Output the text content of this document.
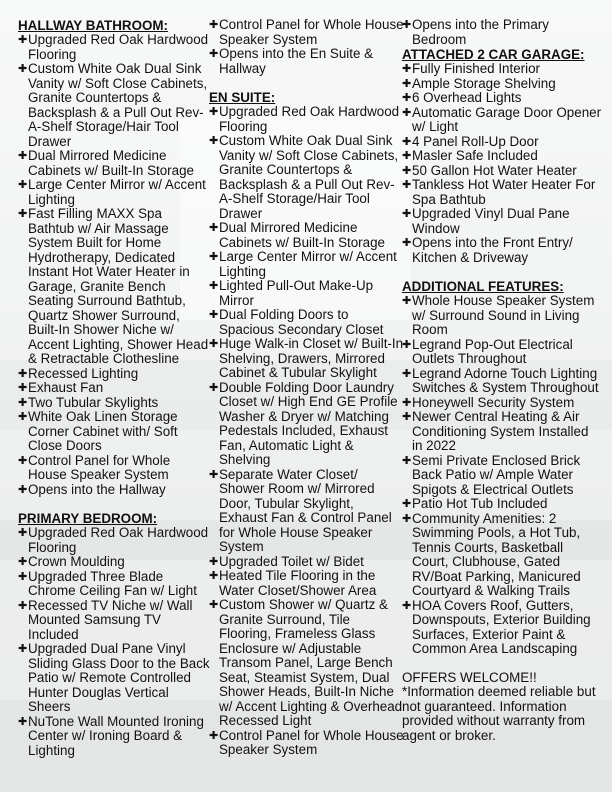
HALLWAY BATHROOM:
✚ Upgraded Red Oak Hardwood Flooring
✚ Custom White Oak Dual Sink Vanity w/ Soft Close Cabinets, Granite Countertops & Backsplash & a Pull Out Rev-A-Shelf Storage/Hair Tool Drawer
✚ Dual Mirrored Medicine Cabinets w/ Built-In Storage
✚ Large Center Mirror w/ Accent Lighting
✚ Fast Filling MAXX Spa Bathtub w/ Air Massage System Built for Home Hydrotherapy, Dedicated Instant Hot Water Heater in Garage, Granite Bench Seating Surround Bathtub, Quartz Shower Surround, Built-In Shower Niche w/ Accent Lighting, Shower Head & Retractable Clothesline
✚ Recessed Lighting
✚ Exhaust Fan
✚ Two Tubular Skylights
✚ White Oak Linen Storage Corner Cabinet with/ Soft Close Doors
✚ Control Panel for Whole House Speaker System
✚ Opens into the Hallway
PRIMARY BEDROOM:
✚ Upgraded Red Oak Hardwood Flooring
✚ Crown Moulding
✚ Upgraded Three Blade Chrome Ceiling Fan w/ Light
✚ Recessed TV Niche w/ Wall Mounted Samsung TV Included
✚ Upgraded Dual Pane Vinyl Sliding Glass Door to the Back Patio w/ Remote Controlled Hunter Douglas Vertical Sheers
✚ NuTone Wall Mounted Ironing Center w/ Ironing Board & Lighting
✚ Control Panel for Whole House Speaker System
✚ Opens into the En Suite & Hallway
EN SUITE:
✚ Upgraded Red Oak Hardwood Flooring
✚ Custom White Oak Dual Sink Vanity w/ Soft Close Cabinets, Granite Countertops & Backsplash & a Pull Out Rev-A-Shelf Storage/Hair Tool Drawer
✚ Dual Mirrored Medicine Cabinets w/ Built-In Storage
✚ Large Center Mirror w/ Accent Lighting
✚ Lighted Pull-Out Make-Up Mirror
✚ Dual Folding Doors to Spacious Secondary Closet
✚ Huge Walk-in Closet w/ Built-In Shelving, Drawers, Mirrored Cabinet & Tubular Skylight
✚ Double Folding Door Laundry Closet w/ High End GE Profile Washer & Dryer w/ Matching Pedestals Included, Exhaust Fan, Automatic Light & Shelving
✚ Separate Water Closet/ Shower Room w/ Mirrored Door, Tubular Skylight, Exhaust Fan & Control Panel for Whole House Speaker System
✚ Upgraded Toilet w/ Bidet
✚ Heated Tile Flooring in the Water Closet/Shower Area
✚ Custom Shower w/ Quartz & Granite Surround, Tile Flooring, Frameless Glass Enclosure w/ Adjustable Transom Panel, Large Bench Seat, Steamist System, Dual Shower Heads, Built-In Niche w/ Accent Lighting & Overhead Recessed Light
✚ Control Panel for Whole House Speaker System
✚ Opens into the Primary Bedroom
ATTACHED 2 CAR GARAGE:
✚ Fully Finished Interior
✚ Ample Storage Shelving
✚ 6 Overhead Lights
✚ Automatic Garage Door Opener w/ Light
✚ 4 Panel Roll-Up Door
✚ Masler Safe Included
✚ 50 Gallon Hot Water Heater
✚ Tankless Hot Water Heater For Spa Bathtub
✚ Upgraded Vinyl Dual Pane Window
✚ Opens into the Front Entry/ Kitchen & Driveway
ADDITIONAL FEATURES:
✚ Whole House Speaker System w/ Surround Sound in Living Room
✚ Legrand Pop-Out Electrical Outlets Throughout
✚ Legrand Adorne Touch Lighting Switches & System Throughout
✚ Honeywell Security System
✚ Newer Central Heating & Air Conditioning System Installed in 2022
✚ Semi Private Enclosed Brick Back Patio w/ Ample Water Spigots & Electrical Outlets
✚ Patio Hot Tub Included
✚ Community Amenities: 2 Swimming Pools, a Hot Tub, Tennis Courts, Basketball Court, Clubhouse, Gated RV/Boat Parking, Manicured Courtyard & Walking Trails
✚ HOA Covers Roof, Gutters, Downspouts, Exterior Building Surfaces, Exterior Paint & Common Area Landscaping

OFFERS WELCOME!!

*Information deemed reliable but not guaranteed. Information provided without warranty from agent or broker.
